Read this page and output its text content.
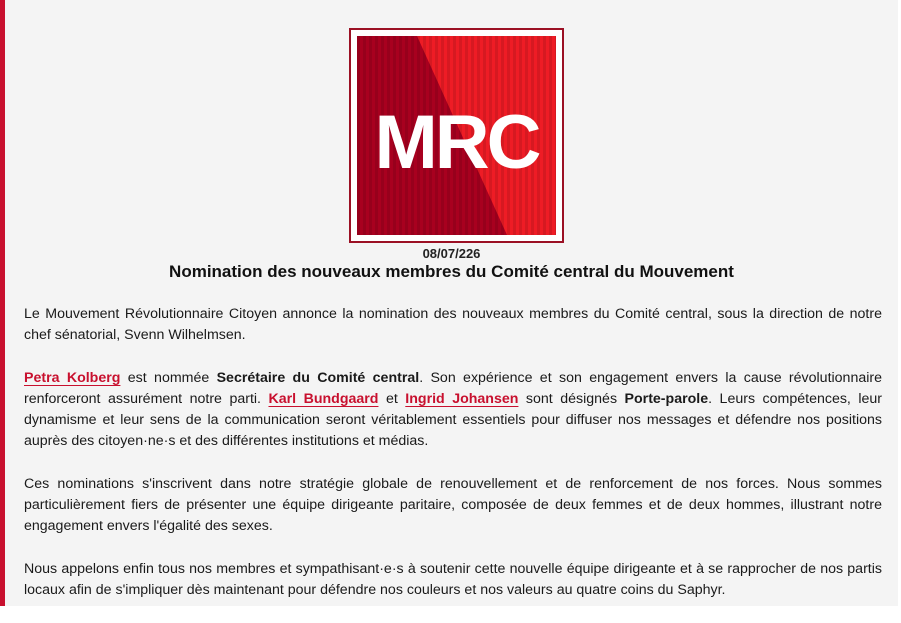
MRC
08/07/226
Nomination des nouveaux membres du Comité central du Mouvement

Le Mouvement Révolutionnaire Citoyen annonce la nomination des nouveaux membres du Comité central, sous la direction de notre chef sénatorial, Svenn Wilhelmsen.

Petra Kolberg est nommée Secrétaire du Comité central. Son expérience et son engagement envers la cause révolutionnaire renforceront assurément notre parti. Karl Bundgaard et Ingrid Johansen sont désignés Porte-parole. Leurs compétences, leur dynamisme et leur sens de la communication seront véritablement essentiels pour diffuser nos messages et défendre nos positions auprès des citoyen·ne·s et des différentes institutions et médias.

Ces nominations s'inscrivent dans notre stratégie globale de renouvellement et de renforcement de nos forces. Nous sommes particulièrement fiers de présenter une équipe dirigeante paritaire, composée de deux femmes et de deux hommes, illustrant notre engagement envers l'égalité des sexes.

Nous appelons enfin tous nos membres et sympathisant·e·s à soutenir cette nouvelle équipe dirigeante et à se rapprocher de nos partis locaux afin de s'impliquer dès maintenant pour défendre nos couleurs et nos valeurs au quatre coins du Saphyr.
